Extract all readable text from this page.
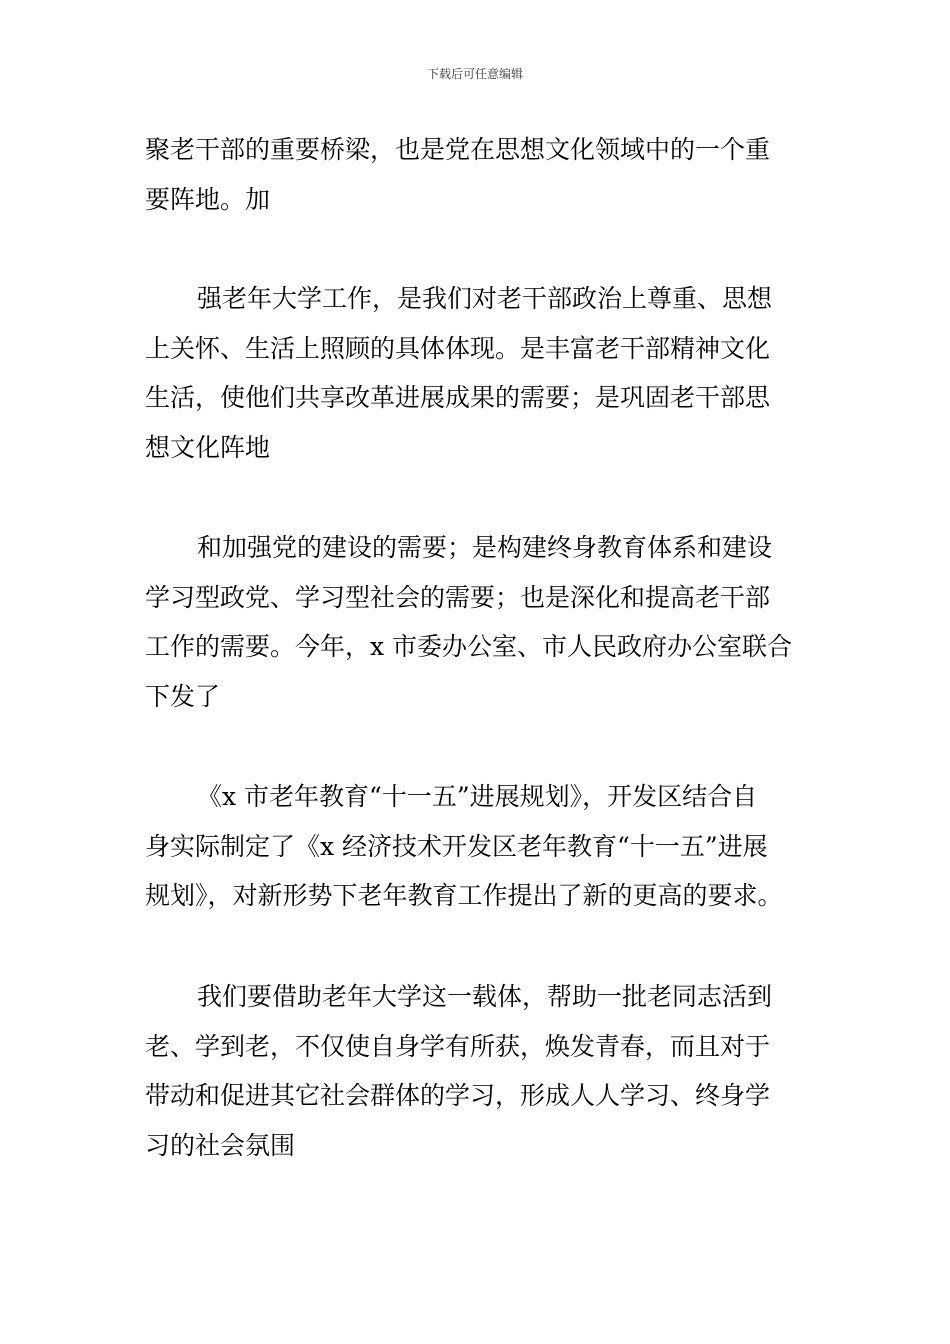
下载后可任意编辑
聚老干部的重要桥梁，也是党在思想文化领域中的一个重
要阵地。加
强老年大学工作，是我们对老干部政治上尊重、思想
上关怀、生活上照顾的具体体现。是丰富老干部精神文化
生活，使他们共享改革进展成果的需要；是巩固老干部思
想文化阵地
和加强党的建设的需要；是构建终身教育体系和建设
学习型政党、学习型社会的需要；也是深化和提高老干部
工作的需要。今年，x 市委办公室、市人民政府办公室联合
下发了
《x 市老年教育“十一五”进展规划》，开发区结合自
身实际制定了《x 经济技术开发区老年教育“十一五”进展
规划》，对新形势下老年教育工作提出了新的更高的要求。
我们要借助老年大学这一载体，帮助一批老同志活到
老、学到老，不仅使自身学有所获，焕发青春，而且对于
带动和促进其它社会群体的学习，形成人人学习、终身学
习的社会氛围
